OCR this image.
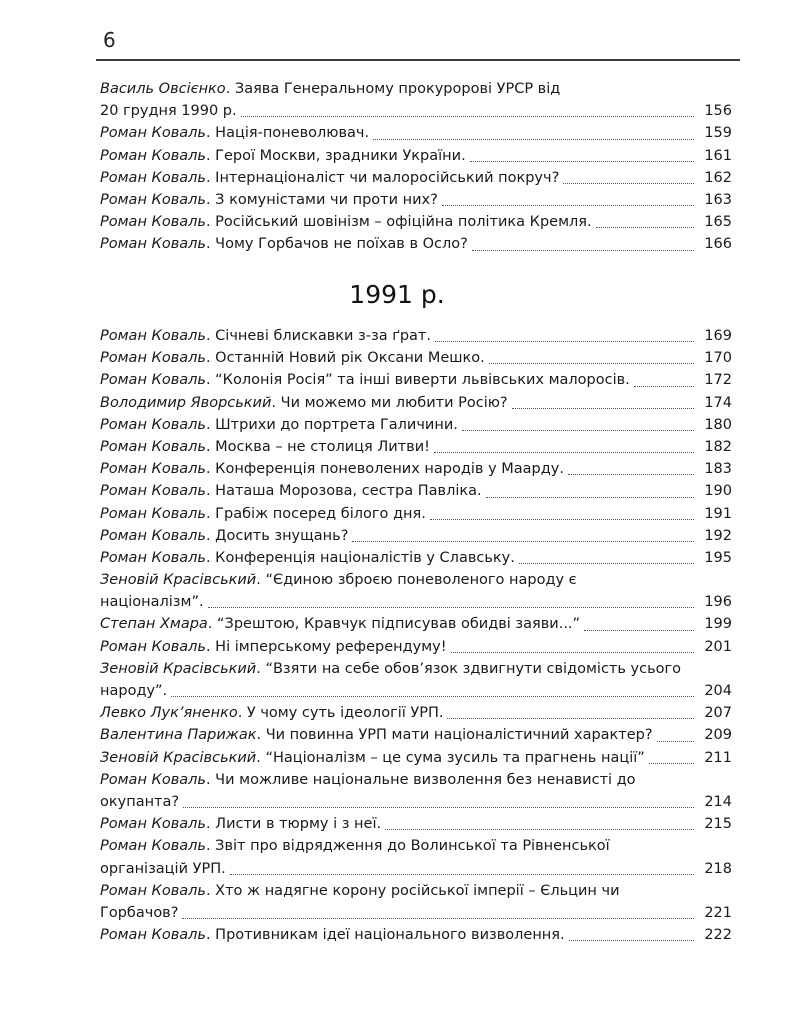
6
Василь Овсієнко. Заява Генеральному прокуророві УРСР від
20 грудня 1990 р.	156
Роман Коваль. Нація-поневолювач.	159
Роман Коваль. Герої Москви, зрадники України.	161
Роман Коваль. Інтернаціоналіст чи малоросійський покруч?	162
Роман Коваль. З комуністами чи проти них?	163
Роман Коваль. Російський шовінізм – офіційна політика Кремля.	165
Роман Коваль. Чому Горбачов не поїхав в Осло?	166
1991 р.
Роман Коваль. Січневі блискавки з-за ґрат.	169
Роман Коваль. Останній Новий рік Оксани Мешко.	170
Роман Коваль. “Колонія Росія” та інші виверти львівських малоросів.	172
Володимир Яворський. Чи можемо ми любити Росію?	174
Роман Коваль. Штрихи до портрета Галичини.	180
Роман Коваль. Москва – не столиця Литви!	182
Роман Коваль. Конференція поневолених народів у Маарду.	183
Роман Коваль. Наташа Морозова, сестра Павліка.	190
Роман Коваль. Грабіж посеред білого дня.	191
Роман Коваль. Досить знущань?	192
Роман Коваль. Конференція націоналістів у Славську.	195
Зеновій Красівський. “Єдиною зброєю поневоленого народу є
націоналізм”.	196
Степан Хмара. “Зрештою, Кравчук підписував обидві заяви...”	199
Роман Коваль. Ні імперському референдуму!	201
Зеновій Красівський. “Взяти на себе обов’язок здвигнути свідомість усього
народу”.	204
Левко Лук’яненко. У чому суть ідеології УРП.	207
Валентина Парижак. Чи повинна УРП мати націоналістичний характер?	209
Зеновій Красівський. “Націоналізм – це сума зусиль та прагнень нації”	211
Роман Коваль. Чи можливе національне визволення без ненависті до
окупанта?	214
Роман Коваль. Листи в тюрму і з неї.	215
Роман Коваль. Звіт про відрядження до Волинської та Рівненської
організацій УРП.	218
Роман Коваль. Хто ж надягне корону російської імперії – Єльцин чи
Горбачов?	221
Роман Коваль. Противникам ідеї національного визволення.	222
